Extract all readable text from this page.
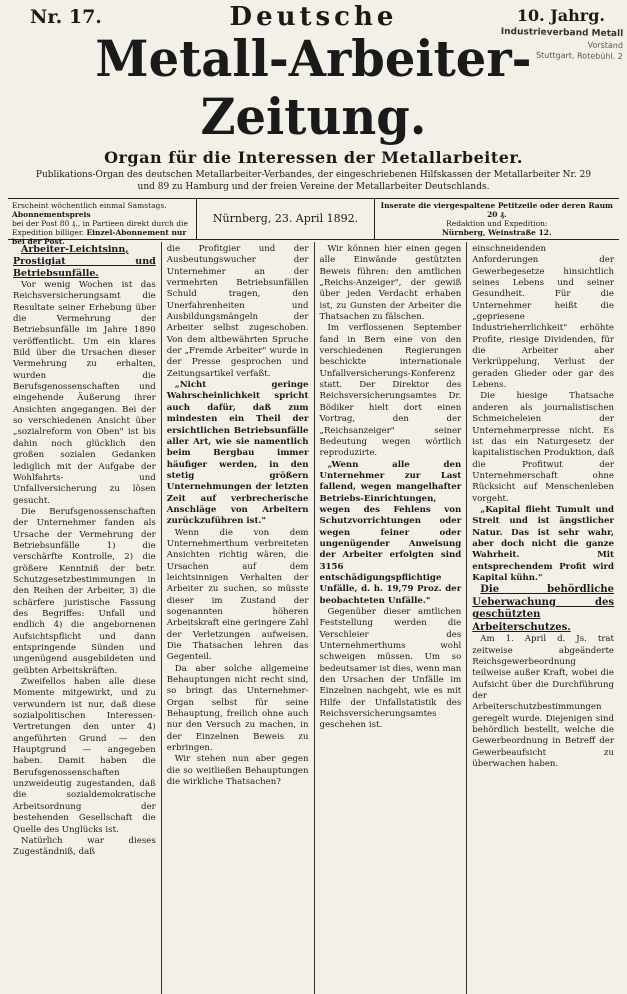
Nr. 17.	Deutsche	10. Jahrg.
Industrieverband Metall
Vorstand
Stuttgart, Rotebühl. 2
Metall-Arbeiter-Zeitung.
Organ für die Interessen der Metallarbeiter.
Publikations-Organ des deutschen Metallarbeiter-Verbandes, der eingeschriebenen Hilfskassen der Metallarbeiter Nr. 29 und 89 zu Hamburg und der freien Vereine der Metallarbeiter Deutschlands.
Erscheint wöchentlich einmal Samstags. Abonnementspreis
bei der Post 80 ₰., in Partieen direkt durch die Expedition billiger. Einzel-Abonnement nur bei der Post.
Nürnberg, 23. April 1892.
Inserate die viergespaltene Petitzeile oder deren Raum 20 ₰.
Redaktion und Expedition:
Nürnberg, Weinstraße 12.

Arbeiter-Leichtsinn, Prostigiat und Betriebsunfälle.

Vor wenig Wochen ist das Reichsversicherungsamt die Resultate seiner Erhebung über die Vermehrung der Betriebsunfälle im Jahre 1890 veröffentlicht. Um ein klares Bild über die Ursachen dieser Vermehrung zu erhalten, wurden die Berufsgenossenschaften und eingehende Äußerung ihrer Ansichten angegangen. Bei der so verschiedenen Ansicht über „sozialreform von Oben" ist bis dahin noch glücklich den großen sozialen Gedanken lediglich mit der Aufgabe der Wohlfahrts- und Unfallversicherung zu lösen gesucht.

Die Berufsgenossenschaften der Unternehmer fanden als Ursache der Vermehrung der Betriebsunfälle 1) die verschärfte Kontrolle, 2) die größere Kenntniß der betr. Schutzgesetzbestimmungen in den Reihen der Arbeiter, 3) die schärfere juristische Fassung des Begriffes: Unfall und endlich 4) die angebornenen Aufsichtspflicht und dann entspringende Sünden und ungenügend ausgebildeten und geübten Arbeitskräften.

Zweifellos haben alle diese Momente mitgewirkt, und zu verwundern ist nur, daß diese sozialpolitischen Interessen-Vertretungen den unter 4) angeführten Grund — den Hauptgrund — angegeben haben. Damit haben die Berufsgenossenschaften unzweideutig zugestanden, daß die sozialdemokratische Arbeitsordnung der bestehenden Gesellschaft die Quelle des Unglücks ist.

Natürlich war dieses Zugeständniß, daß

die Profitgier und der Ausbeutungswucher der Unternehmer an der vermehrten Betriebsunfällen Schuld tragen, den Unerfahrenheiten und Ausbildungsmängeln der Arbeiter selbst zugeschoben. Von dem altbewährten Spruche der „Fremde Arbeiter" wurde in der Presse gesprochen und Zeitungsartikel verfaßt.

„Nicht geringe Wahrscheinlichkeit spricht auch dafür, daß zum mindesten ein Theil der ersichtlichen Betriebsunfälle aller Art, wie sie namentlich beim Bergbau immer häufiger werden, in den stetig größern Unternehmungen der letzten Zeit auf verbrecherische Anschläge von Arbeitern zurückzuführen ist."

Wenn die von dem Unternehmerthum verbreiteten Ansichten richtig wären, die Ursachen auf dem leichtsinnigen Verhalten der Arbeiter zu suchen, so müsste dieser im Zustand der sogenannten höheren Arbeitskraft eine geringere Zahl der Verletzungen aufweisen. Die Thatsachen lehren das Gegenteil.

Da aber solche allgemeine Behauptungen nicht recht sind, so bringt das Unternehmer-Organ selbst für seine Behauptung, freilich ohne auch nur den Versuch zu machen, in der Einzelnen Beweis zu erbringen.

Wir stehen nun aber gegen die so weitließen Behauptungen die wirkliche Thatsachen?

Wir können hier einen gegen alle Einwände gestützten Beweis führen: den amtlichen „Reichs-Anzeiger", der gewiß über jeden Verdacht erhaben ist, zu Gunsten der Arbeiter die Thatsachen zu fälschen.

Im verflossenen September fand in Bern eine von den verschiedenen Regierungen beschickte internationale Unfallversicherungs-Konferenz statt. Der Direktor des Reichsversicherungsamtes Dr. Bödiker hielt dort einen Vortrag, den der „Reichsanzeiger" seiner Bedeutung wegen wörtlich reproduzirte.

„Wenn alle den Unternehmer zur Last fallend, wegen mangelhafter Betriebs-Einrichtungen, wegen des Fehlens von Schutzvorrichtungen oder wegen feiner oder ungenügender Anweisung der Arbeiter erfolgten sind 3156 entschädigungspflichtige Unfälle, d. h. 19,79 Proz. der beobachteten Unfälle."

Gegenüber dieser amtlichen Feststellung werden die Verschleier des Unternehmerthums wohl schweigen müssen. Um so bedeutsamer ist dies, wenn man den Ursachen der Unfälle im Einzelnen nachgeht, wie es mit Hilfe der Unfallstatistik des Reichsversicherungsamtes geschehen ist.

einschneidenden Anforderungen der Gewerbegesetze hinsichtlich seines Lebens und seiner Gesundheit. Für die Unternehmer heißt die „gepriesene Industrieherrlichkeit" erhöhte Profite, riesige Dividenden, für die Arbeiter aber Verkrüppelung, Verlust der geraden Glieder oder gar des Lebens.

Die hiesige Thatsache anderen als journalistischen Schmeicheleien der Unternehmerpresse nicht. Es ist das ein Naturgesetz der kapitalistischen Produktion, daß die Profitwut der Unternehmerschaft ohne Rücksicht auf Menschenleben vorgeht.

„Kapital flieht Tumult und Streit und ist ängstlicher Natur. Das ist sehr wahr, aber doch nicht die ganze Wahrheit. Mit entsprechendem Profit wird Kapital kühn."

Die behördliche Ueberwachung des geschützten Arbeiterschutzes.

Am 1. April d. Js. trat zeitweise abgeänderte Reichsgewerbeordnung teilweise außer Kraft, wobei die Aufsicht über die Durchführung der Arbeiterschutzbestimmungen geregelt wurde. Diejenigen sind behördlich bestellt, welche die Gewerbeordnung in Betreff der Gewerbeaufsicht zu überwachen haben.
